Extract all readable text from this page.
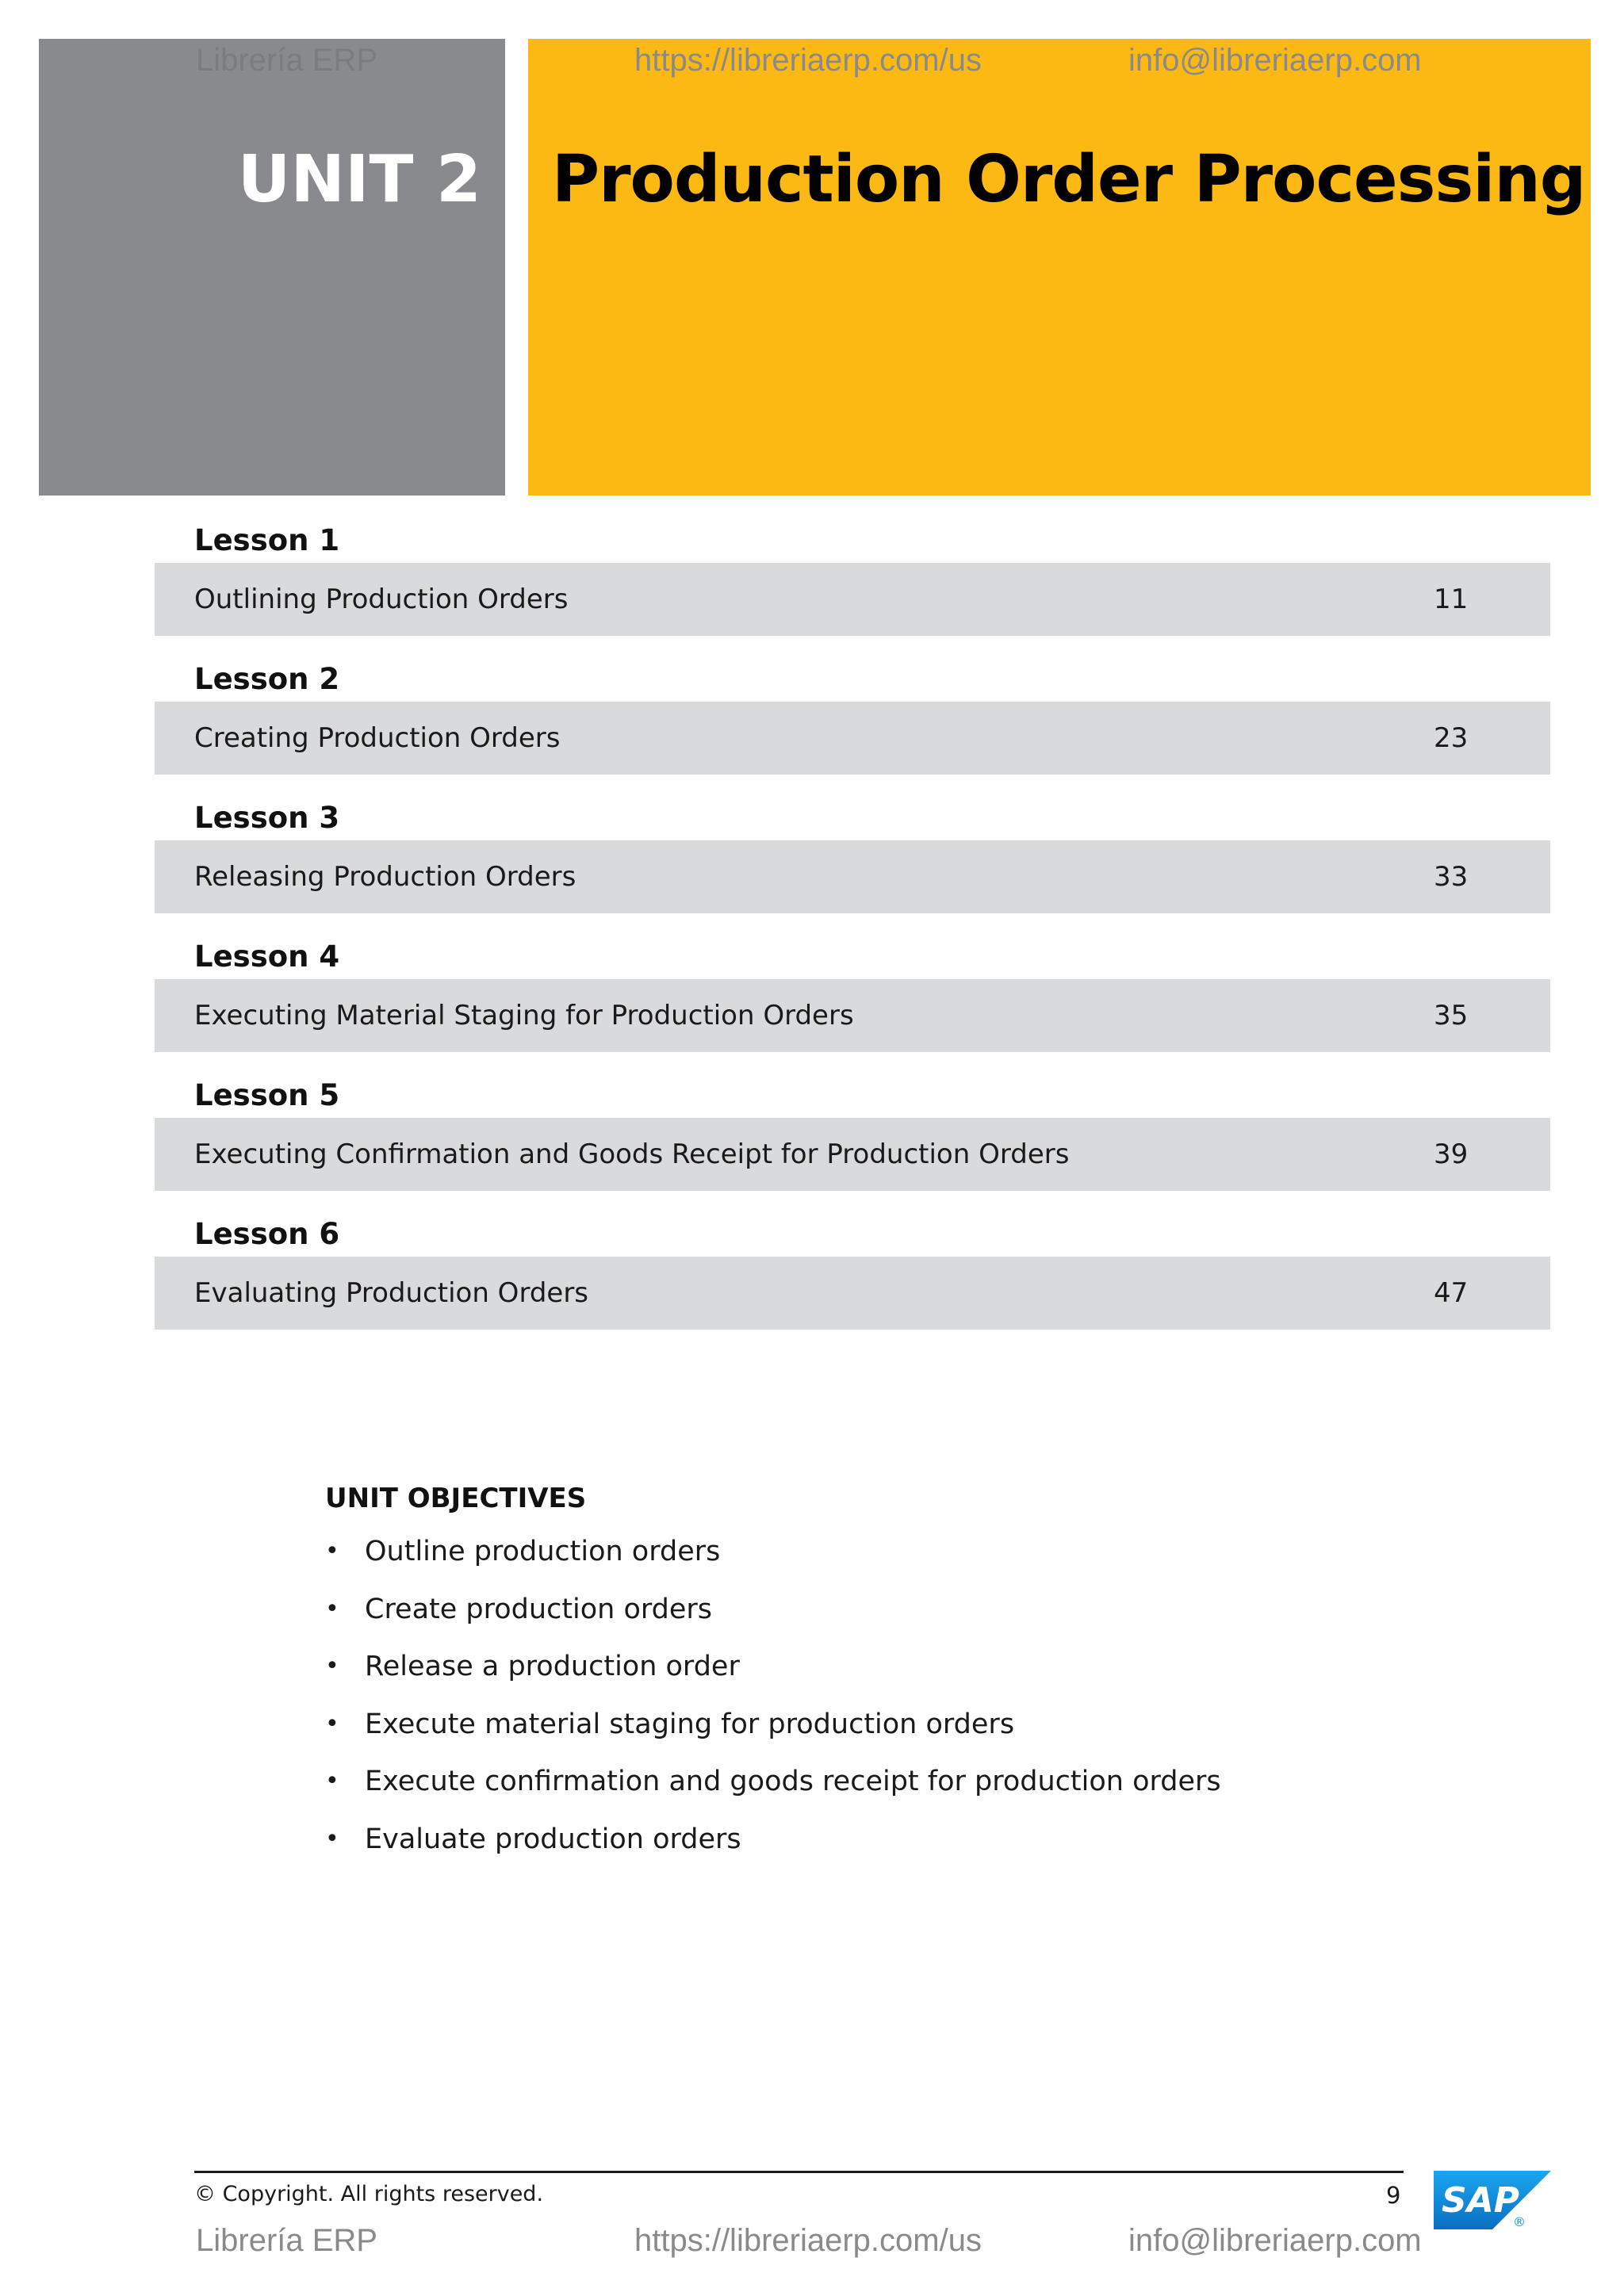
UNIT 2	Production Order Processing
Librería ERP	https://libreriaerp.com/us	info@libreriaerp.com
Lesson 1
Outlining Production Orders	11
Lesson 2
Creating Production Orders	23
Lesson 3
Releasing Production Orders	33
Lesson 4
Executing Material Staging for Production Orders	35
Lesson 5
Executing Confirmation and Goods Receipt for Production Orders	39
Lesson 6
Evaluating Production Orders	47
UNIT OBJECTIVES
• Outline production orders
• Create production orders
• Release a production order
• Execute material staging for production orders
• Execute confirmation and goods receipt for production orders
• Evaluate production orders
© Copyright. All rights reserved.	9 SAP
®
Librería ERP	https://libreriaerp.com/us	info@libreriaerp.com
